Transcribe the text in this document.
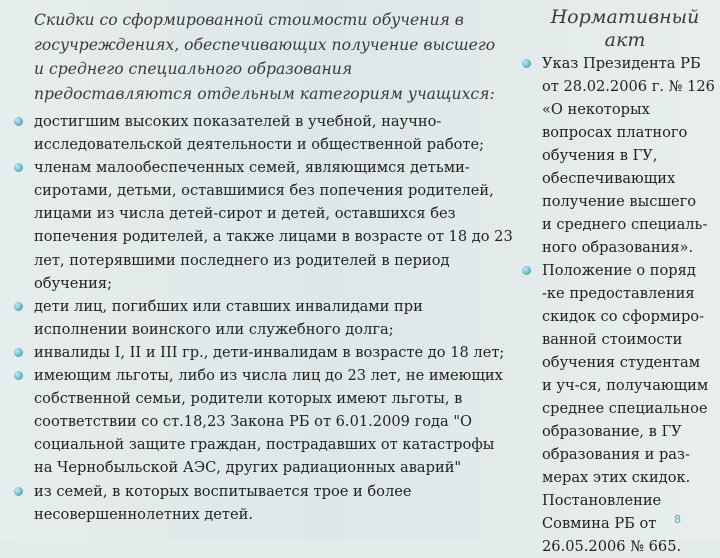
Скидки со сформированной стоимости обучения в
госучреждениях, обеспечивающих получение высшего
и среднего специального образования
предоставляются отдельным категориям учащихся:
достигшим высоких показателей в учебной, научно-
исследовательской деятельности и общественной работе;
членам малообеспеченных семей, являющимся детьми-
сиротами, детьми, оставшимися без попечения родителей,
лицами из числа детей-сирот и детей, оставшихся без
попечения родителей, а также лицами в возрасте от 18 до 23
лет, потерявшими последнего из родителей в период
обучения;
дети лиц, погибших или ставших инвалидами при
исполнении воинского или служебного долга;
инвалиды I, II и III гр., дети-инвалидам в возрасте до 18 лет;
имеющим льготы, либо из числа лиц до 23 лет, не имеющих
собственной семьи, родители которых имеют льготы, в
соответствии со ст.18,23 Закона РБ от 6.01.2009 года "О
социальной защите граждан, пострадавших от катастрофы
на Чернобыльской АЭС, других радиационных аварий"
из семей, в которых воспитывается трое и более
несовершеннолетних детей.
Нормативный
акт
Указ Президента РБ
от 28.02.2006 г. № 126
«О некоторых
вопросах платного
обучения в ГУ,
обеспечивающих
получение высшего
и среднего специаль-
ного образования».
Положение о поряд
-ке предоставления
скидок со сформиро-
ванной стоимости
обучения студентам
и уч-ся, получающим
среднее специальное
образование, в ГУ
образования и раз-
мерах этих скидок.
Постановление
Совмина РБ от
26.05.2006 № 665.
8
